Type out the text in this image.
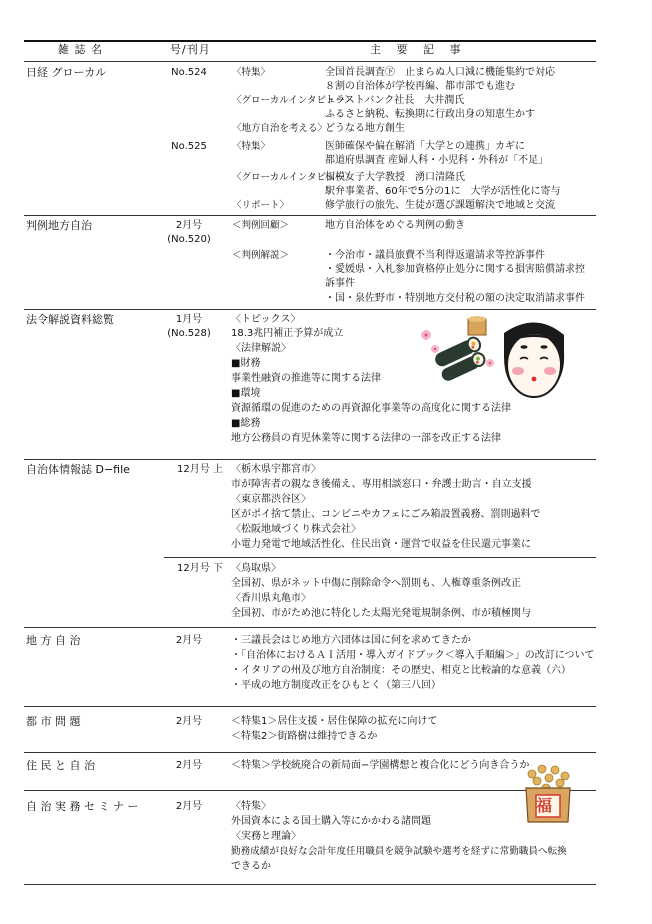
雑 誌 名	号/刊月	主 要 記 事
日経 グローカル	No.524	〈特集〉	全国首長調査㊦　止まらぬ人口減に機能集約で対応
８割の自治体が学校再編、都市部でも進む
〈グローカルインタビュー〉
トラストバンク社長　大井潤氏
ふるさと納税、転換期に行政出身の知恵生かす
〈地方自治を考える〉
どうなる地方創生
No.525	〈特集〉	医師確保や偏在解消「大学との連携」カギに
都道府県調査 産婦人科・小児科・外科が「不足」
〈グローカルインタビュー〉
相模女子大学教授　湧口清隆氏
駅弁事業者、60年で5分の1に　大学が活性化に寄与
〈リポート〉	修学旅行の旅先、生徒が選び課題解決で地域と交流
判例地方自治	2月号
(No.520)
＜判例回顧＞	地方自治体をめぐる判例の動き
＜判例解説＞	・今治市・議員旅費不当利得返還請求等控訴事件
・愛媛県・入札参加資格停止処分に関する損害賠償請求控
訴事件
・国・泉佐野市・特別地方交付税の額の決定取消請求事件
法令解説資料総覧	1月号
(No.528)
〈トピックス〉
18.3兆円補正予算が成立
〈法律解説〉
■財務
事業性融資の推進等に関する法律
■環境
資源循環の促進のための再資源化事業等の高度化に関する法律
■総務
地方公務員の育児休業等に関する法律の一部を改正する法律
自治体情報誌 D−file	12月号 上 〈栃木県宇都宮市〉
市が障害者の親なき後備え、専用相談窓口・弁護士助言・自立支援
〈東京都渋谷区〉
区がポイ捨て禁止、コンビニやカフェにごみ箱設置義務、罰則過料で
〈松阪地域づくり株式会社〉
小電力発電で地域活性化、住民出資・運営で収益を住民還元事業に
12月号 下 〈鳥取県〉
全国初、県がネット中傷に削除命令へ罰則も、人権尊重条例改正
〈香川県丸亀市〉
全国初、市がため池に特化した太陽光発電規制条例、市が積極関与
地 方 自 治	2月号	・三議長会はじめ地方六団体は国に何を求めてきたか
・「自治体におけるＡＩ活用・導入ガイドブック＜導入手順編＞」の改訂について
・イタリアの州及び地方自治制度：その歴史、相克と比較論的な意義（六）
・平成の地方制度改正をひもとく（第三八回）
都 市 問 題	2月号	＜特集1＞居住支援・居住保障の拡充に向けて
＜特集2＞街路樹は維持できるか
住 民 と 自 治	2月号	＜特集＞学校統廃合の新局面−学園構想と複合化にどう向き合うか
自 治 実 務 セ ミ ナ ー	2月号	〈特集〉
外国資本による国土購入等にかかわる諸問題
〈実務と理論〉
勤務成績が良好な会計年度任用職員を競争試験や選考を経ずに常勤職員へ転換
できるか
福
